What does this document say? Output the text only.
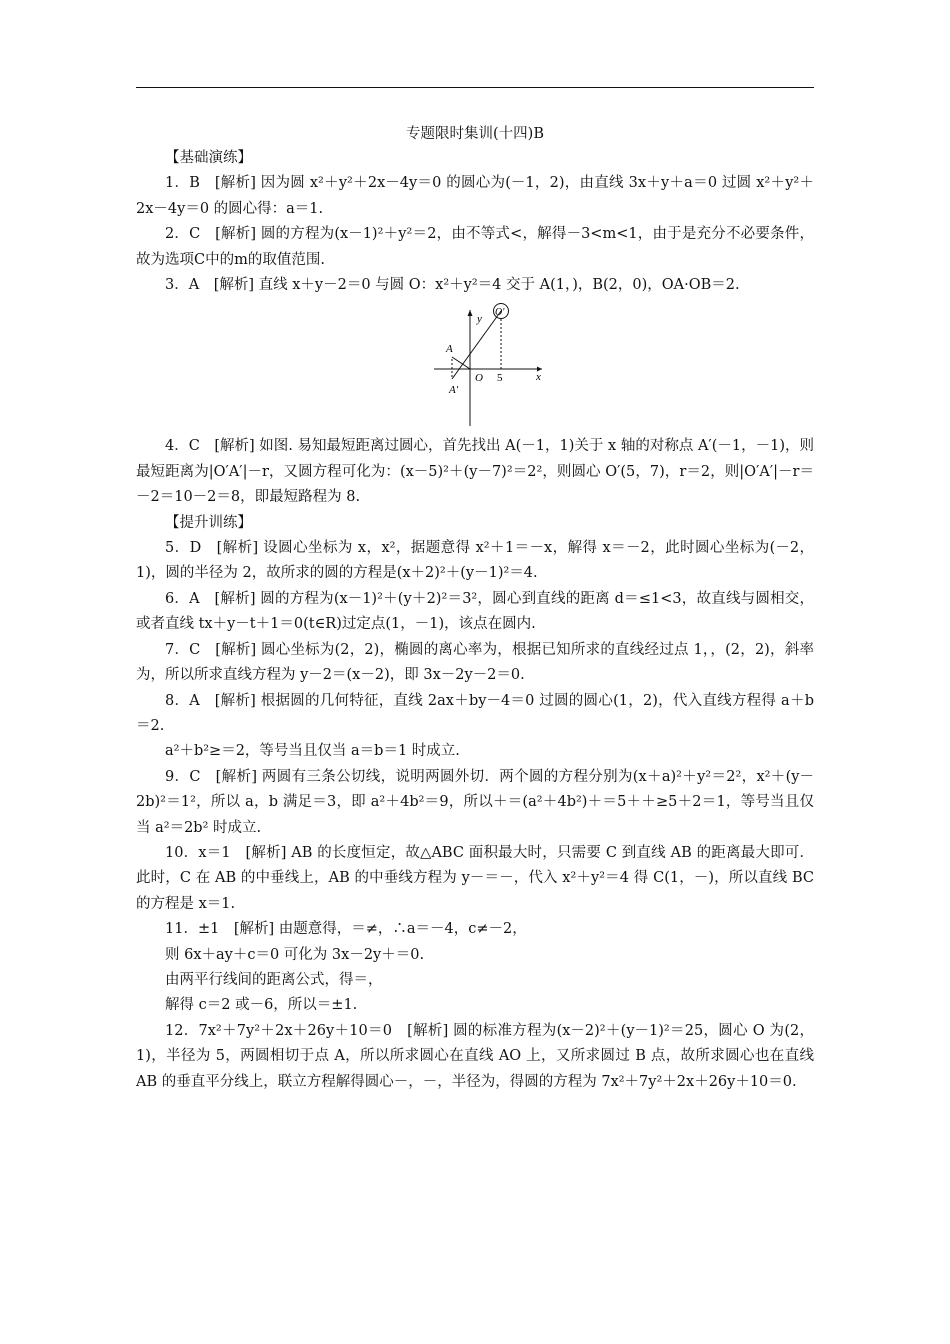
专题限时集训(十四)B

【基础演练】

1．B　[解析] 因为圆 x²＋y²＋2x－4y＝0 的圆心为(－1，2)，由直线 3x＋y＋a＝0 过圆 x²＋y²＋2x－4y＝0 的圆心得：a＝1.

2．C　[解析] 圆的方程为(x－1)²＋y²＝2，由不等式<，解得－3<m<1，由于是充分不必要条件，故为选项C中的m的取值范围.

3．A　[解析] 直线 x＋y－2＝0 与圆 O：x²＋y²＝4 交于 A(1，)，B(2，0)，OA·OB＝2.

y
x
O 5
A
A′
O′

4．C　[解析] 如图. 易知最短距离过圆心，首先找出 A(－1，1)关于 x 轴的对称点 A′(－1，－1)，则最短距离为|O′A′|－r，又圆方程可化为：(x－5)²＋(y－7)²＝2²，则圆心 O′(5，7)，r＝2，则|O′A′|－r＝－2＝10－2＝8，即最短路程为 8.

【提升训练】

5．D　[解析] 设圆心坐标为 x，x²，据题意得 x²＋1＝－x，解得 x＝－2，此时圆心坐标为(－2，1)，圆的半径为 2，故所求的圆的方程是(x＋2)²＋(y－1)²＝4.

6．A　[解析] 圆的方程为(x－1)²＋(y＋2)²＝3²，圆心到直线的距离 d＝≤1<3，故直线与圆相交，或者直线 tx＋y－t＋1＝0(t∈R)过定点(1，－1)，该点在圆内.

7．C　[解析] 圆心坐标为(2，2)，椭圆的离心率为，根据已知所求的直线经过点 1，，(2，2)，斜率为，所以所求直线方程为 y－2＝(x－2)，即 3x－2y－2＝0.

8．A　[解析] 根据圆的几何特征，直线 2ax＋by－4＝0 过圆的圆心(1，2)，代入直线方程得 a＋b＝2.

a²＋b²≥＝2，等号当且仅当 a＝b＝1 时成立.

9．C　[解析] 两圆有三条公切线，说明两圆外切．两个圆的方程分别为(x＋a)²＋y²＝2²，x²＋(y－2b)²＝1²，所以 a，b 满足＝3，即 a²＋4b²＝9，所以＋＝(a²＋4b²)＋＝5＋＋≥5＋2＝1，等号当且仅当 a²＝2b² 时成立.

10．x＝1　[解析] AB 的长度恒定，故△ABC 面积最大时，只需要 C 到直线 AB 的距离最大即可．此时，C 在 AB 的中垂线上，AB 的中垂线方程为 y－＝－，代入 x²＋y²＝4 得 C(1，－)，所以直线 BC 的方程是 x＝1.

11．±1　[解析] 由题意得，＝≠，∴a＝－4，c≠－2，

则 6x＋ay＋c＝0 可化为 3x－2y＋＝0.

由两平行线间的距离公式，得＝，

解得 c＝2 或－6，所以＝±1.

12．7x²＋7y²＋2x＋26y＋10＝0　[解析] 圆的标准方程为(x－2)²＋(y－1)²＝25，圆心 O 为(2，1)，半径为 5，两圆相切于点 A，所以所求圆心在直线 AO 上，又所求圆过 B 点，故所求圆心也在直线 AB 的垂直平分线上，联立方程解得圆心－，－，半径为，得圆的方程为 7x²＋7y²＋2x＋26y＋10＝0.
